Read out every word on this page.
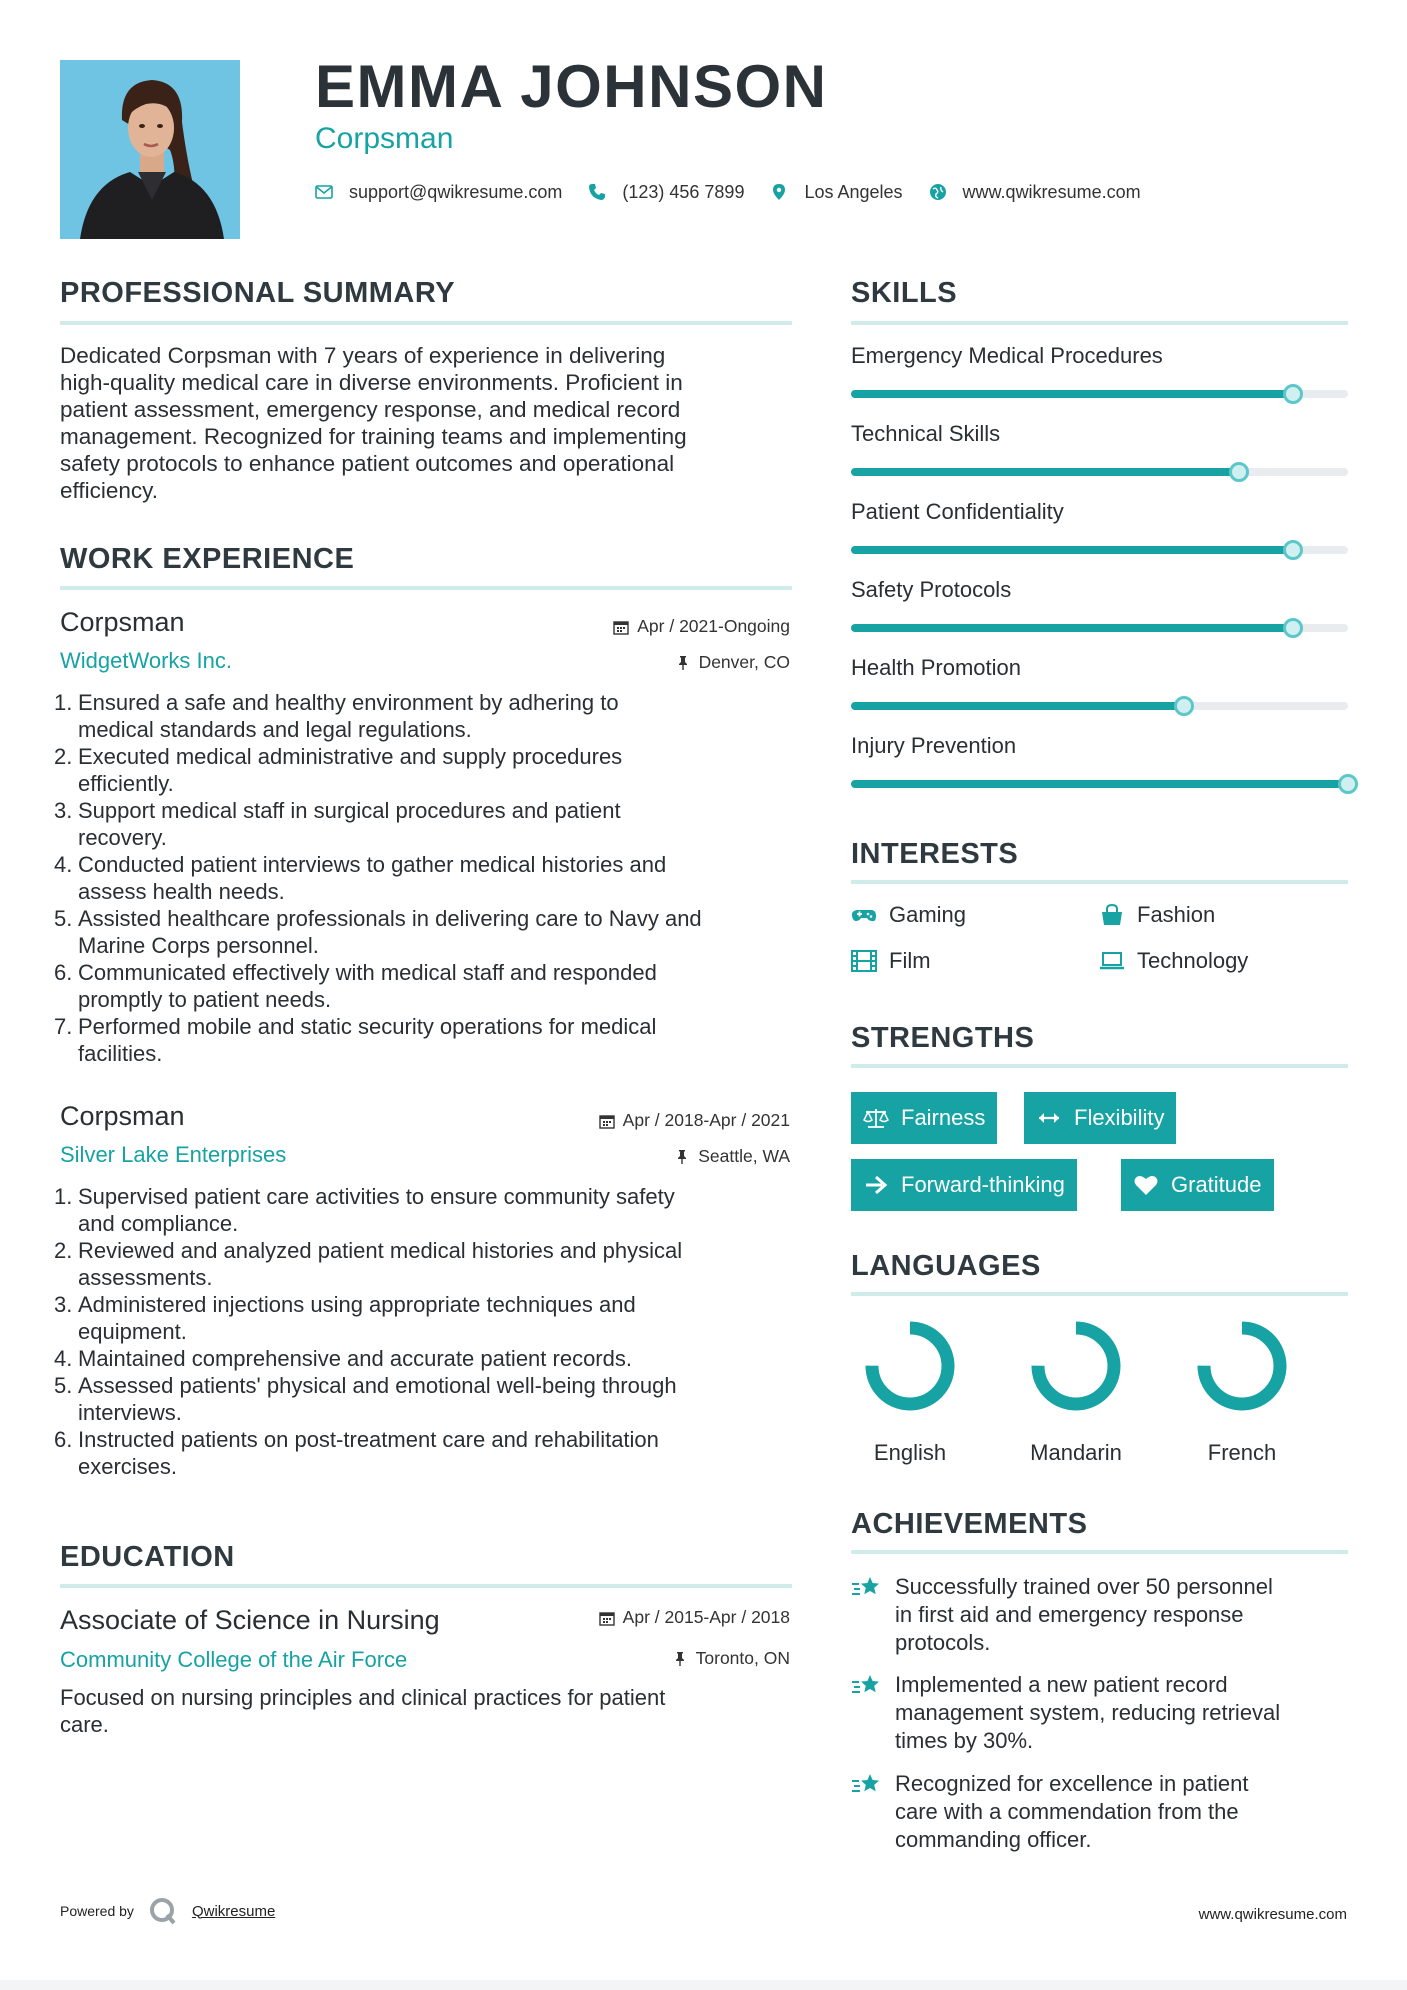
EMMA JOHNSON
Corpsman
support@qwikresume.com	(123) 456 7899	Los Angeles	www.qwikresume.com
PROFESSIONAL SUMMARY
Dedicated Corpsman with 7 years of experience in delivering
high-quality medical care in diverse environments. Proficient in
patient assessment, emergency response, and medical record
management. Recognized for training teams and implementing
safety protocols to enhance patient outcomes and operational
efficiency.
WORK EXPERIENCE
Corpsman
WidgetWorks Inc.
Apr / 2021-Ongoing
Denver, CO
1. Ensured a safe and healthy environment by adhering to
medical standards and legal regulations.
2. Executed medical administrative and supply procedures
efficiently.
3. Support medical staff in surgical procedures and patient
recovery.
4. Conducted patient interviews to gather medical histories and
assess health needs.
5. Assisted healthcare professionals in delivering care to Navy and
Marine Corps personnel.
6. Communicated effectively with medical staff and responded
promptly to patient needs.
7. Performed mobile and static security operations for medical
facilities.
Corpsman
Silver Lake Enterprises
Apr / 2018-Apr / 2021
Seattle, WA
1. Supervised patient care activities to ensure community safety
and compliance.
2. Reviewed and analyzed patient medical histories and physical
assessments.
3. Administered injections using appropriate techniques and
equipment.
4. Maintained comprehensive and accurate patient records.
5. Assessed patients' physical and emotional well-being through
interviews.
6. Instructed patients on post-treatment care and rehabilitation
exercises.
EDUCATION
Associate of Science in Nursing
Community College of the Air Force
Apr / 2015-Apr / 2018
Toronto, ON
Focused on nursing principles and clinical practices for patient
care.
SKILLS
Emergency Medical Procedures
Technical Skills
Patient Confidentiality
Safety Protocols
Health Promotion
Injury Prevention
INTERESTS
Gaming	Fashion
Film	Technology
STRENGTHS
Fairness	Flexibility
Forward-thinking	Gratitude
LANGUAGES
English	Mandarin	French
ACHIEVEMENTS
Successfully trained over 50 personnel
in first aid and emergency response
protocols.
Implemented a new patient record
management system, reducing retrieval
times by 30%.
Recognized for excellence in patient
care with a commendation from the
commanding officer.
Powered by	Qwikresume	www.qwikresume.com
